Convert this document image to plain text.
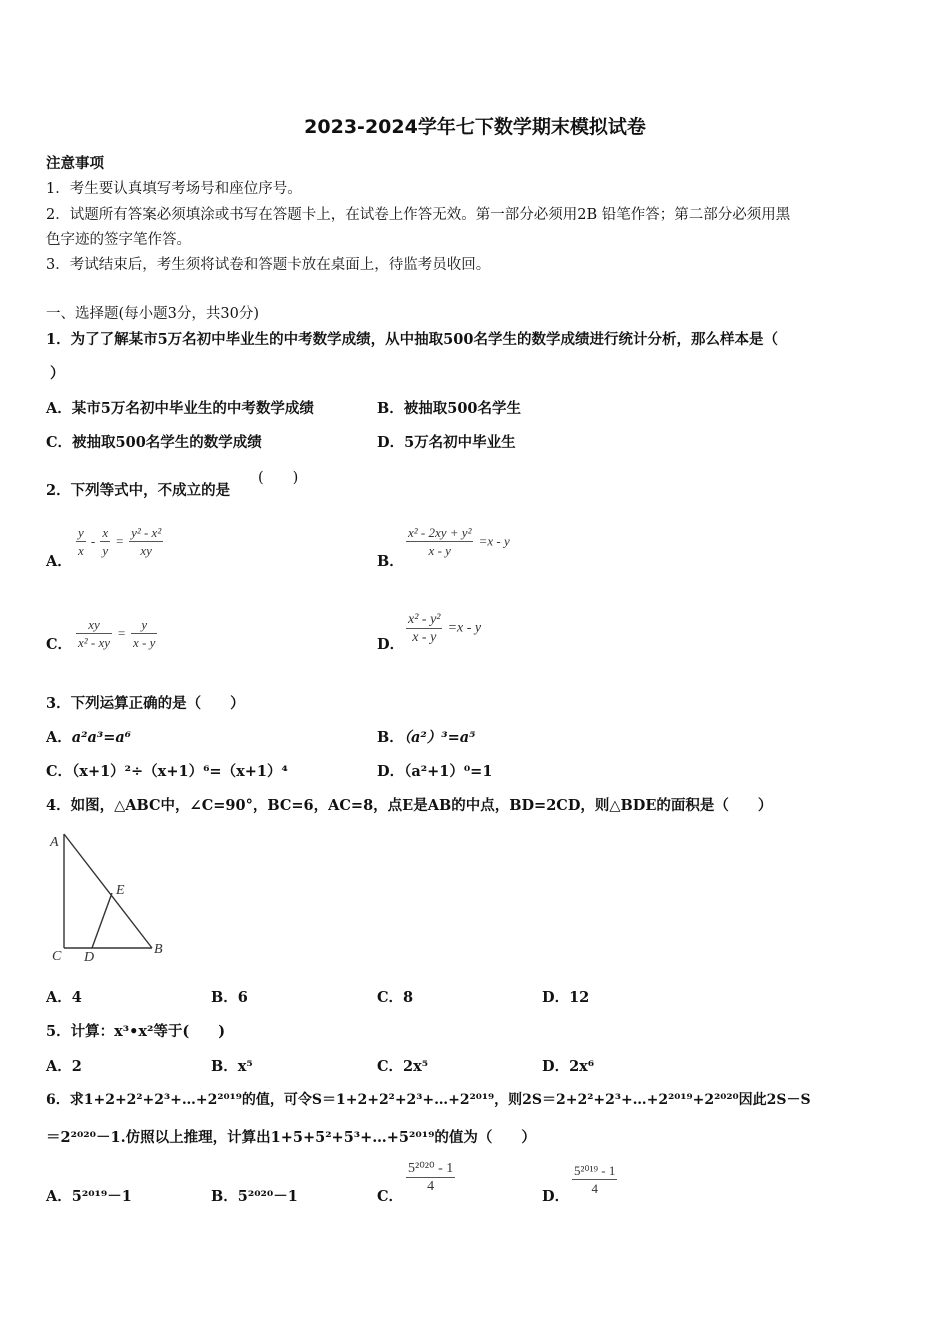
2023-2024学年七下数学期末模拟试卷
注意事项
1．考生要认真填写考场号和座位序号。
2．试题所有答案必须填涂或书写在答题卡上，在试卷上作答无效。第一部分必须用2B 铅笔作答；第二部分必须用黑
色字迹的签字笔作答。
3．考试结束后，考生须将试卷和答题卡放在桌面上，待监考员收回。
一、选择题(每小题3分，共30分)
1．为了了解某市5万名初中毕业生的中考数学成绩，从中抽取500名学生的数学成绩进行统计分析，那么样本是（
）
A．某市5万名初中毕业生的中考数学成绩	B．被抽取500名学生
C．被抽取500名学生的数学成绩	D．5万名初中毕业生
2．下列等式中，不成立的是
(　　)
A．
$\frac{y}{x} - \frac{x}{y} = \frac{\text{y² - x²}}{xy}$
B．
$\frac{\text{x² - 2xy + y²}}{x - y} =x - y$
C． $\frac{xy}{\text{x² - xy}} = \frac{y}{x - y}$	D． $\frac{\text{x² - y²}}{x - y} =x - y$
3．下列运算正确的是（　　）
A．a²a³=a⁶	B．（a²）³=a⁵
C．（x+1）²÷（x+1）⁶=（x+1）⁴	D．（a²+1）⁰=1
4．如图，△ABC中，∠C=90°，BC=6，AC=8，点E是AB的中点，BD=2CD，则△BDE的面积是（　　）
A
E
C D
B
A．4	B．6	C．8	D．12
5．计算：x³•x²等于(　　)
A．2	B．x⁵	C．2x⁵	D．2x⁶
6．求1+2+2²+2³+…+2²⁰¹⁹的值，可令S＝1+2+2²+2³+…+2²⁰¹⁹，则2S＝2+2²+2³+…+2²⁰¹⁹+2²⁰²⁰因此2S－S
＝2²⁰²⁰－1.仿照以上推理，计算出1+5+5²+5³+…+5²⁰¹⁹的值为（　　）
A．5²⁰¹⁹－1	B．5²⁰²⁰－1	C．
$\frac{\text{5²⁰²⁰ - 1}}{4}$
D． $\frac{\text{5²⁰¹⁹ - 1}}{4}$
